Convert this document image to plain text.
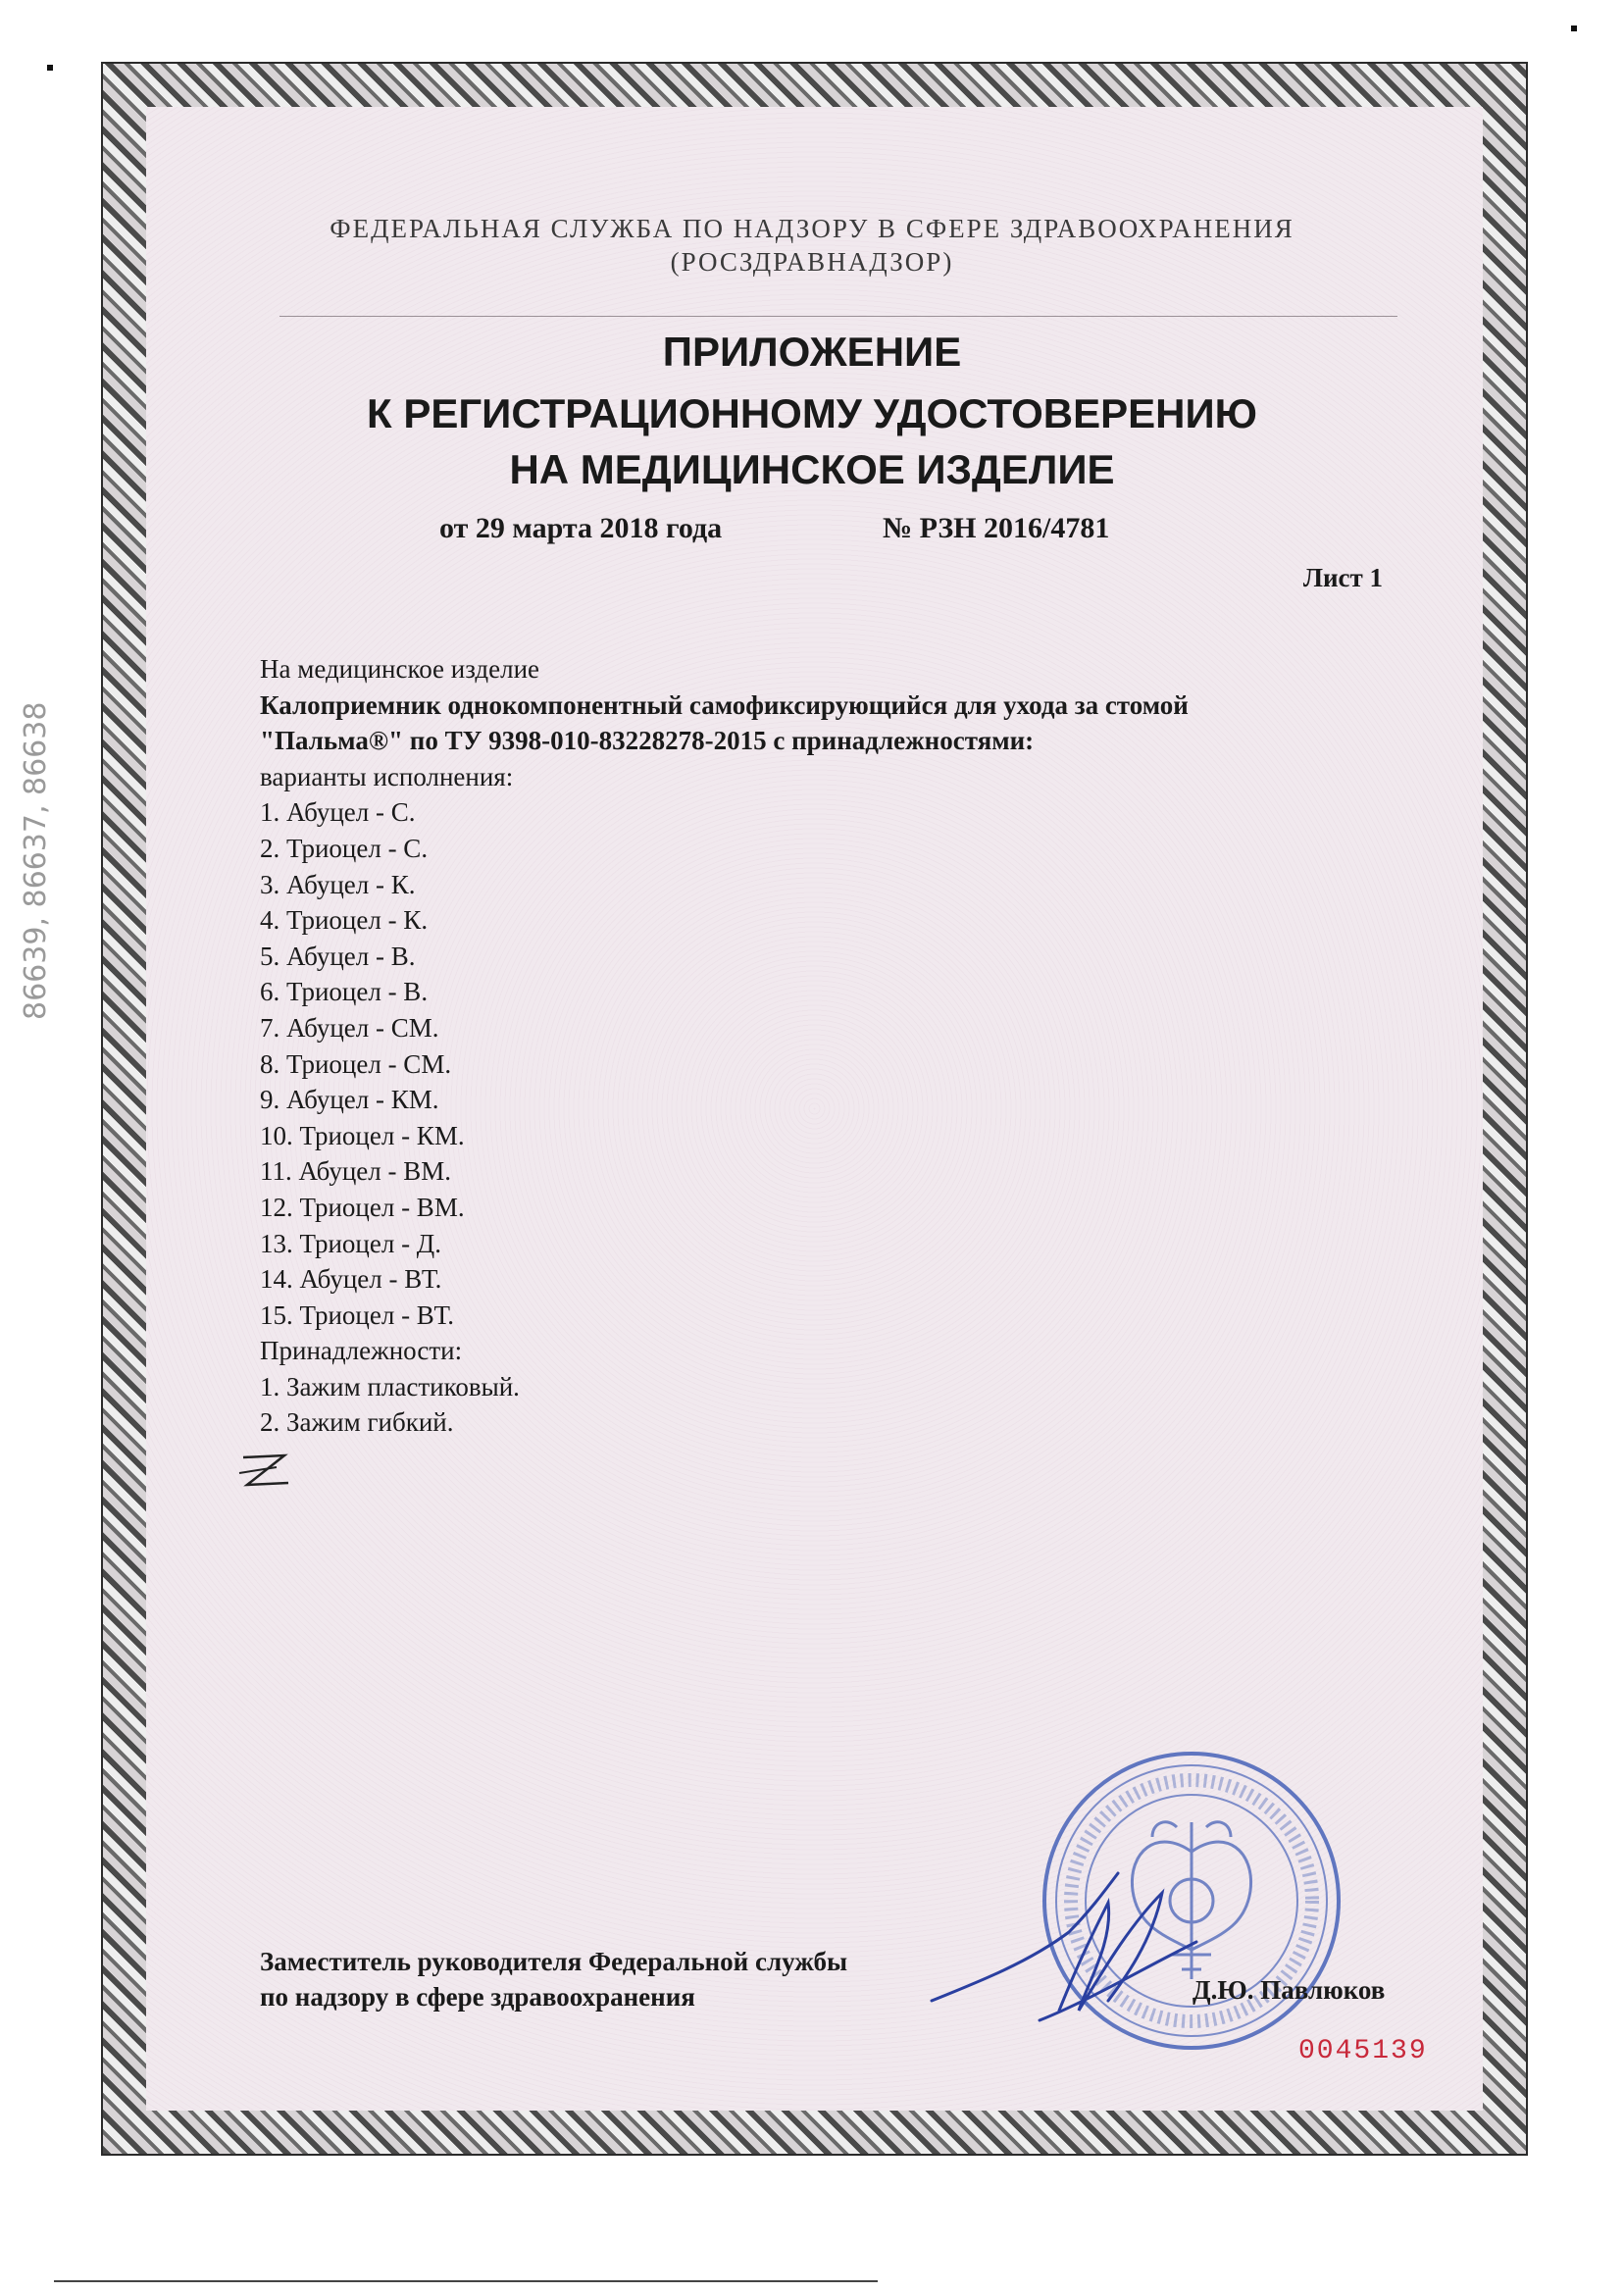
86639, 86637, 86638
ФЕДЕРАЛЬНАЯ СЛУЖБА ПО НАДЗОРУ В СФЕРЕ ЗДРАВООХРАНЕНИЯ
(РОСЗДРАВНАДЗОР)
ПРИЛОЖЕНИЕ
К РЕГИСТРАЦИОННОМУ УДОСТОВЕРЕНИЮ
НА МЕДИЦИНСКОЕ ИЗДЕЛИЕ
от 29 марта 2018 года	№ РЗН 2016/4781
Лист 1
На медицинское изделие
Калоприемник однокомпонентный самофиксирующийся для ухода за стомой
"Пальма®" по ТУ 9398-010-83228278-2015 с принадлежностями:
варианты исполнения:
1. Абуцел - С.
2. Триоцел - С.
3. Абуцел - К.
4. Триоцел - К.
5. Абуцел - В.
6. Триоцел - В.
7. Абуцел - СМ.
8. Триоцел - СМ.
9. Абуцел - КМ.
10. Триоцел - КМ.
11. Абуцел - ВМ.
12. Триоцел - ВМ.
13. Триоцел - Д.
14. Абуцел - ВТ.
15. Триоцел - ВТ.
Принадлежности:
1. Зажим пластиковый.
2. Зажим гибкий.
Заместитель руководителя Федеральной службы
по надзору в сфере здравоохранения	Д.Ю. Павлюков
0045139
